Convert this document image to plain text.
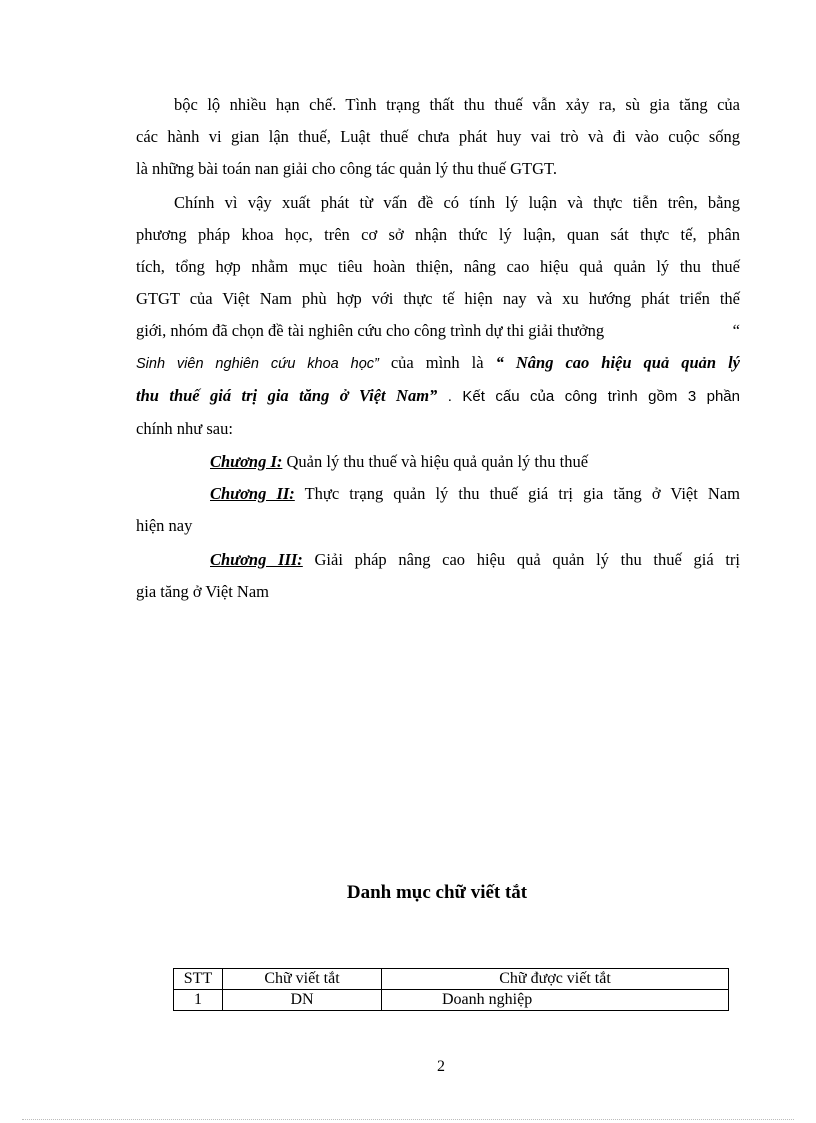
bộc lộ nhiều hạn chế. Tình trạng thất thu thuế vẫn xảy ra, sù gia tăng của
các hành vi gian lận thuế, Luật thuế chưa phát huy vai trò và đi vào cuộc sống
là những bài toán nan giải cho công tác quản lý thu thuế GTGT.
Chính vì vậy xuất phát từ vấn đề có tính lý luận và thực tiễn trên, bằng
phương pháp khoa học, trên cơ sở nhận thức lý luận, quan sát thực tế, phân
tích, tổng hợp nhằm mục tiêu hoàn thiện, nâng cao hiệu quả quản lý thu thuế
GTGT của Việt Nam phù hợp với thực tế hiện nay và xu hướng phát triển thế
giới, nhóm đã chọn đề tài nghiên cứu cho công trình dự thi giải thưởng	“
Sinh viên nghiên cứu khoa học” của mình là “ Nâng cao hiệu quả quản lý
thu thuế giá trị gia tăng ở Việt Nam” . Kết cấu của công trình gồm 3 phần
chính như sau:
Chương I: Quản lý thu thuế và hiệu quả quản lý thu thuế
Chương II: Thực trạng quản lý thu thuế giá trị gia tăng ở Việt Nam
hiện nay
Chương III: Giải pháp nâng cao hiệu quả quản lý thu thuế giá trị
gia tăng ở Việt Nam
Danh mục chữ viết tắt
STT	Chữ viết tắt	Chữ được viết tắt
1	DN	Doanh nghiệp
2
